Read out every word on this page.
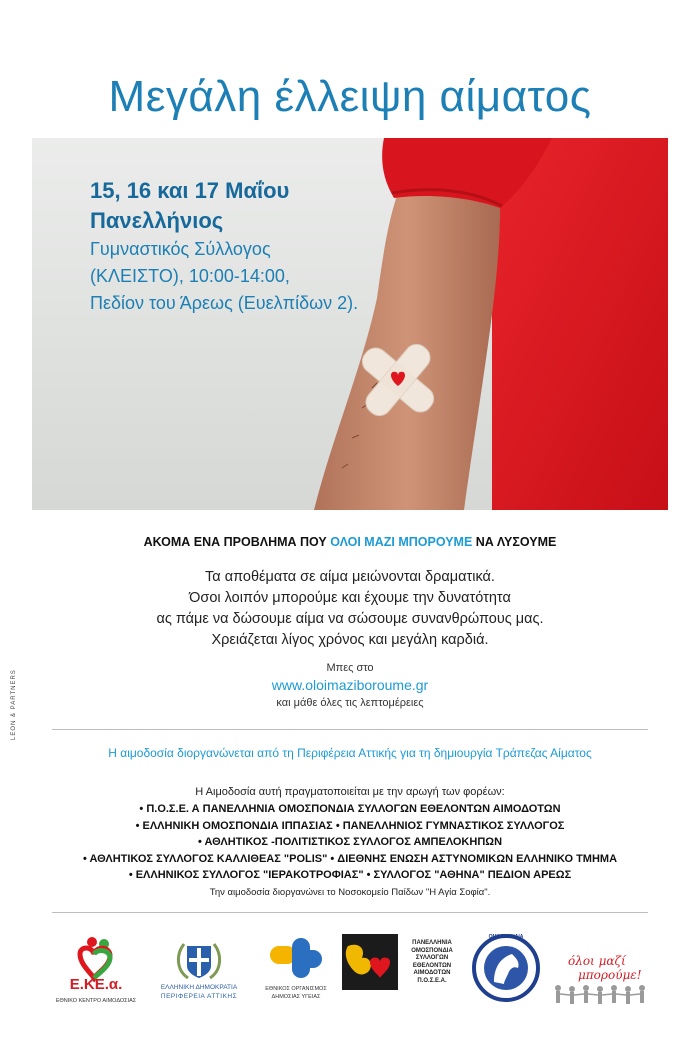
Μεγάλη έλλειψη αίματος
15, 16 και 17 Μαΐου
Πανελλήνιος
Γυμναστικός Σύλλογος
(ΚΛΕΙΣΤΟ), 10:00-14:00,
Πεδίον του Άρεως (Ευελπίδων 2).
ΑΚΟΜΑ ΕΝΑ ΠΡΟΒΛΗΜΑ ΠΟΥ ΟΛΟΙ ΜΑΖΙ ΜΠΟΡΟΥΜΕ ΝΑ ΛΥΣΟΥΜΕ
Τα αποθέματα σε αίμα μειώνονται δραματικά.
Όσοι λοιπόν μπορούμε και έχουμε την δυνατότητα
ας πάμε να δώσουμε αίμα να σώσουμε συνανθρώπους μας.
Χρειάζεται λίγος χρόνος και μεγάλη καρδιά.
Μπες στο
www.oloimaziboroume.gr
και μάθε όλες τις λεπτομέρειες
LEON & PARTNERS
Η αιμοδοσία διοργανώνεται από τη Περιφέρεια Αττικής για τη δημιουργία Τράπεζας Αίματος
Η Αιμοδοσία αυτή πραγματοποιείται με την αρωγή των φορέων:
• Π.Ο.Σ.Ε. Α ΠΑΝΕΛΛΗΝΙΑ ΟΜΟΣΠΟΝΔΙΑ ΣΥΛΛΟΓΩΝ ΕΘΕΛΟΝΤΩΝ ΑΙΜΟΔΟΤΩΝ
• ΕΛΛΗΝΙΚΗ ΟΜΟΣΠΟΝΔΙΑ ΙΠΠΑΣΙΑΣ • ΠΑΝΕΛΛΗΝΙΟΣ ΓΥΜΝΑΣΤΙΚΟΣ ΣΥΛΛΟΓΟΣ
• ΑΘΛΗΤΙΚΟΣ -ΠΟΛΙΤΙΣΤΙΚΟΣ ΣΥΛΛΟΓΟΣ ΑΜΠΕΛΟΚΗΠΩΝ
• ΑΘΛΗΤΙΚΟΣ ΣΥΛΛΟΓΟΣ ΚΑΛΛΙΘΕΑΣ "POLIS" • ΔΙΕΘΝΗΣ ΕΝΩΣΗ ΑΣΤΥΝΟΜΙΚΩΝ ΕΛΛΗΝΙΚΟ ΤΜΗΜΑ
• ΕΛΛΗΝΙΚΟΣ ΣΥΛΛΟΓΟΣ "ΙΕΡΑΚΟΤΡΟΦΙΑΣ" • ΣΥΛΛΟΓΟΣ "ΑΘΗΝΑ" ΠΕΔΙΟΝ ΑΡΕΩΣ
Την αιμοδοσία διοργανώνει το Νοσοκομείο Παίδων "Η Αγία Σοφία".
Ε.ΚΕ.α.
ΕΘΝΙΚΟ ΚΕΝΤΡΟ ΑΙΜΟΔΟΣΙΑΣ
ΕΛΛΗΝΙΚΗ ΔΗΜΟΚΡΑΤΙΑ
ΠΕΡΙΦΕΡΕΙΑ ΑΤΤΙΚΗΣ
ΕΘΝΙΚΟΣ ΟΡΓΑΝΙΣΜΟΣ
ΔΗΜΟΣΙΑΣ ΥΓΕΙΑΣ
ΠΑΝΕΛΛΗΝΙΑ
ΟΜΟΣΠΟΝΔΙΑ
ΣΥΛΛΟΓΩΝ
ΕΘΕΛΟΝΤΩΝ
ΑΙΜΟΔΟΤΩΝ
Π.Ο.Σ.Ε.Α.
ΟΜΟΣΠΟΝΔΙΑ
όλοι μαζί
μπορούμε!
